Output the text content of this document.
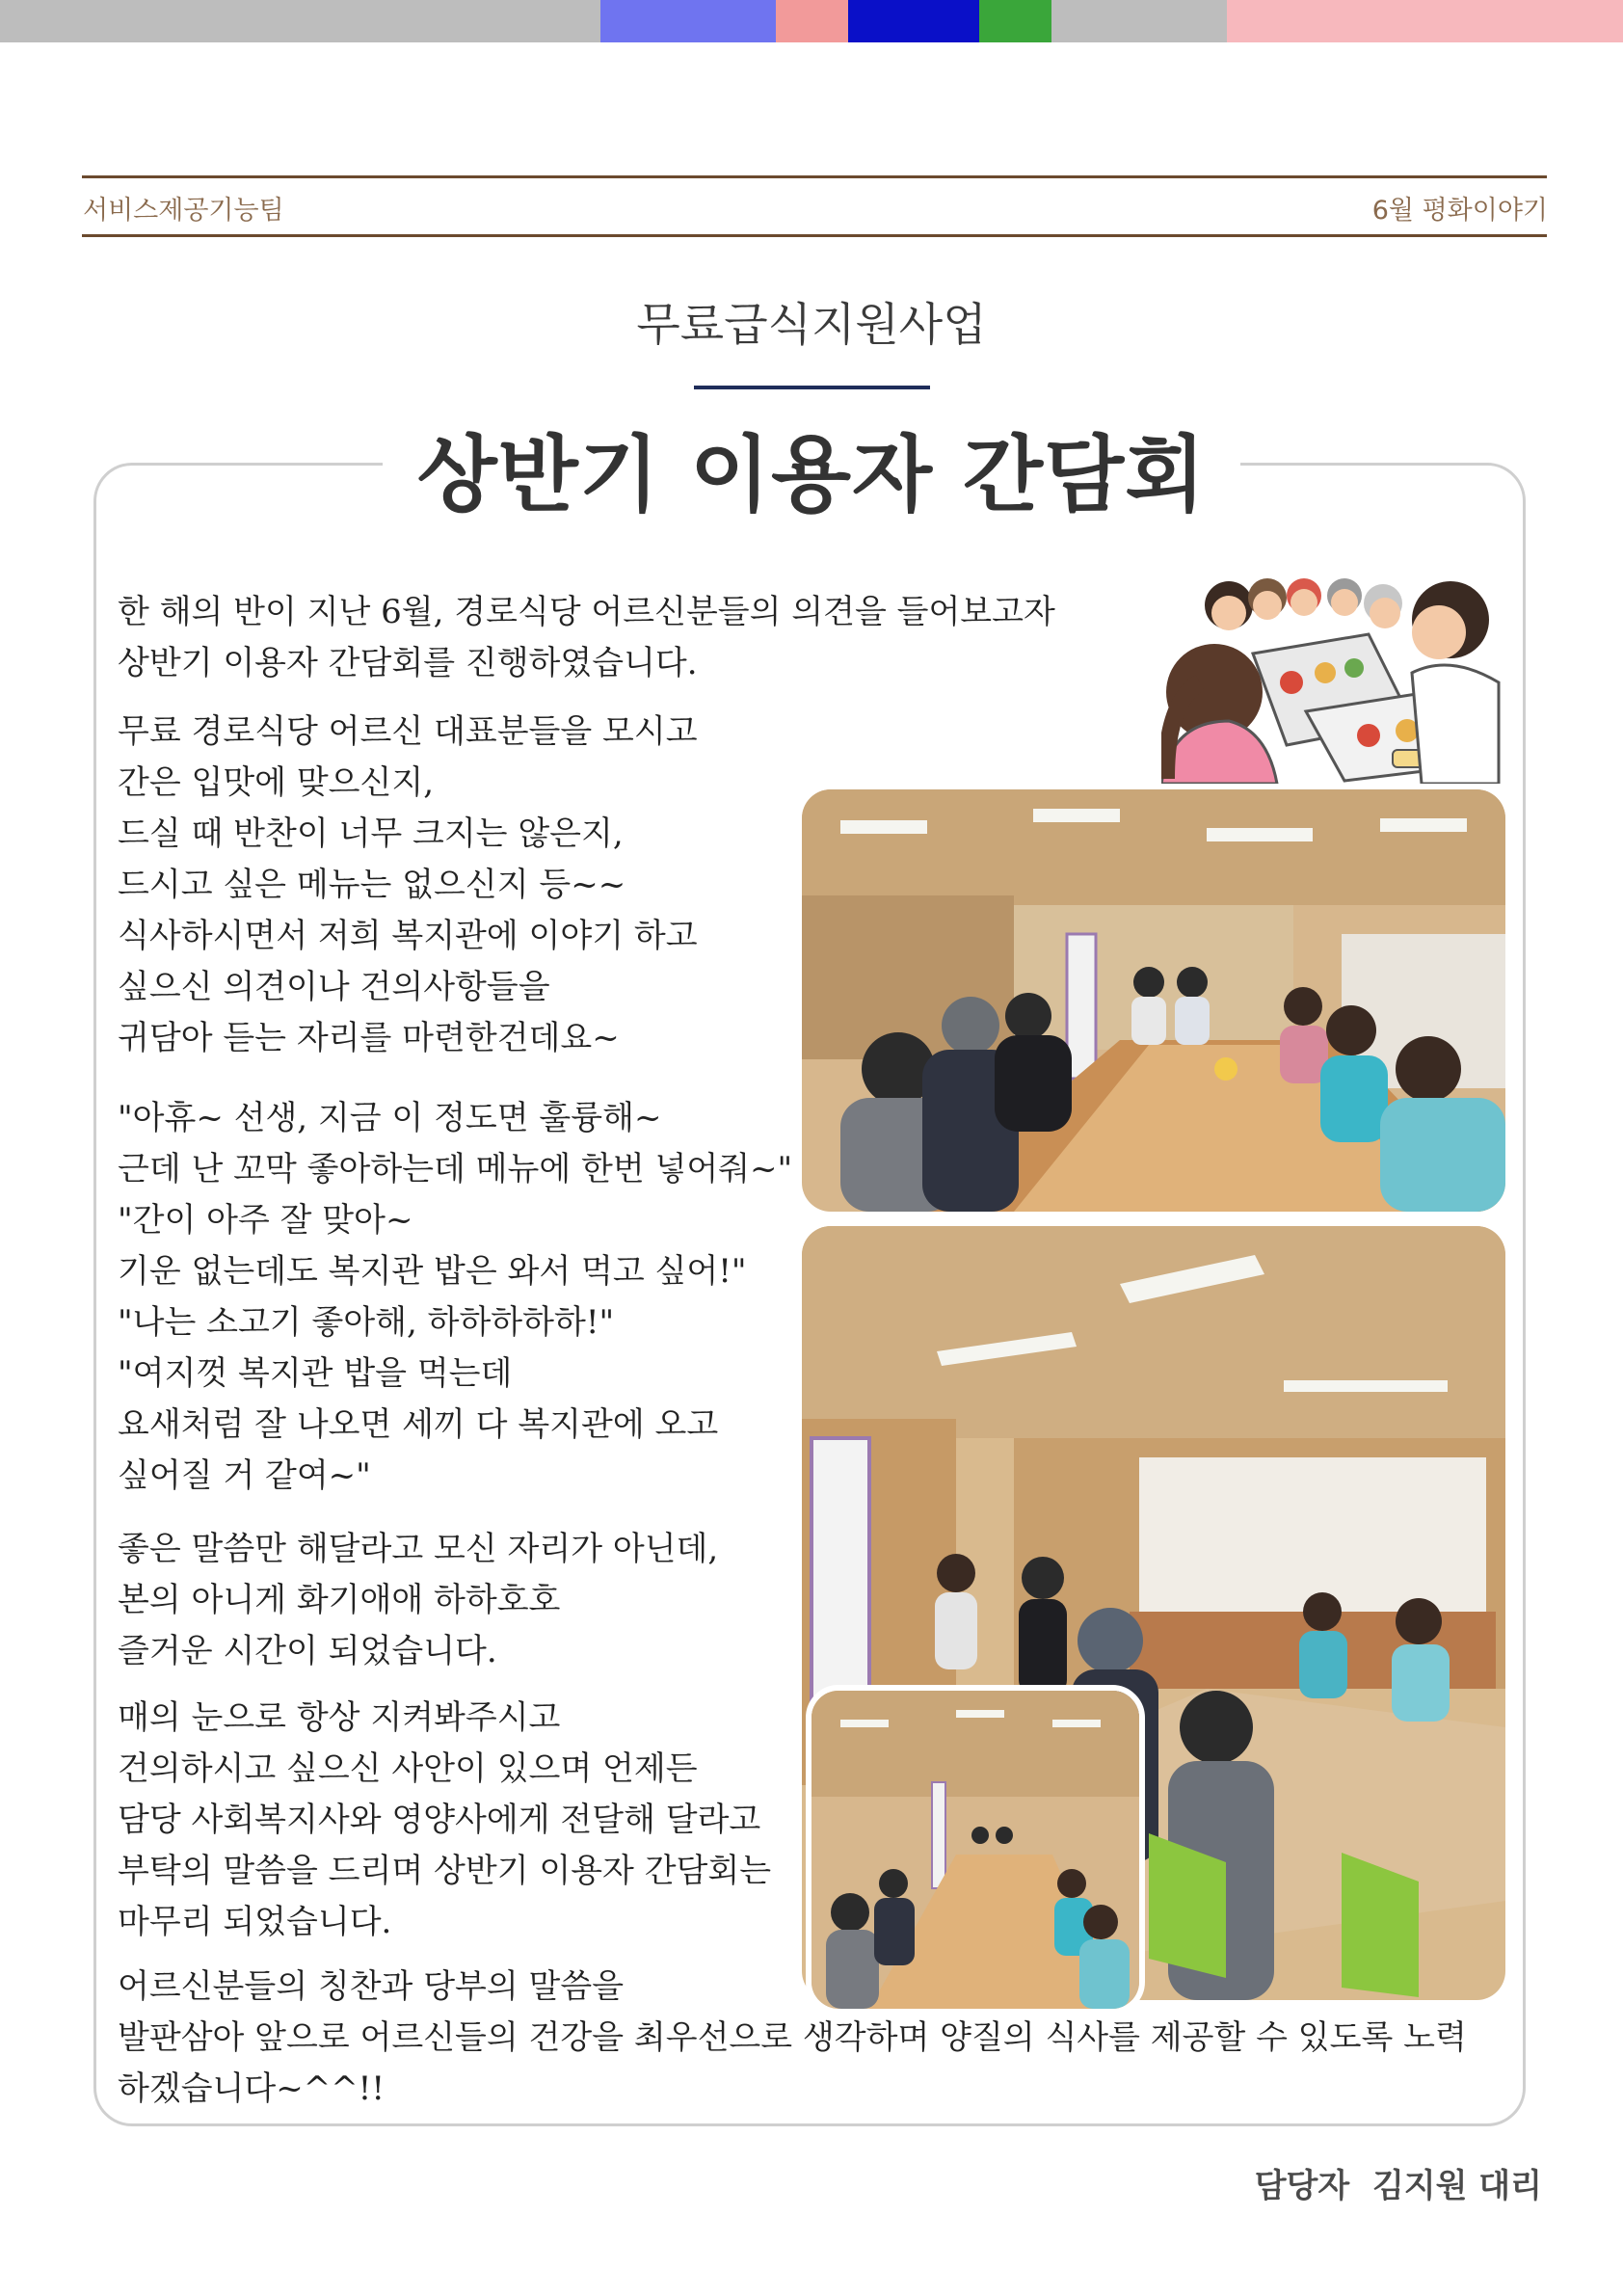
서비스제공기능팀	6월 평화이야기
무료급식지원사업
상반기 이용자 간담회

한 해의 반이 지난 6월, 경로식당 어르신분들의 의견을 들어보고자
상반기 이용자 간담회를 진행하였습니다.

무료 경로식당 어르신 대표분들을 모시고
간은 입맛에 맞으신지,
드실 때 반찬이 너무 크지는 않은지,
드시고 싶은 메뉴는 없으신지 등~~
식사하시면서 저희 복지관에 이야기 하고
싶으신 의견이나 건의사항들을
귀담아 듣는 자리를 마련한건데요~

"아휴~ 선생, 지금 이 정도면 훌륭해~
근데 난 꼬막 좋아하는데 메뉴에 한번 넣어줘~"
"간이 아주 잘 맞아~
기운 없는데도 복지관 밥은 와서 먹고 싶어!"
"나는 소고기 좋아해, 하하하하하!"
"여지껏 복지관 밥을 먹는데
요새처럼 잘 나오면 세끼 다 복지관에 오고
싶어질 거 같여~"

좋은 말씀만 해달라고 모신 자리가 아닌데,
본의 아니게 화기애애 하하호호
즐거운 시간이 되었습니다.

매의 눈으로 항상 지켜봐주시고
건의하시고 싶으신 사안이 있으며 언제든
담당 사회복지사와 영양사에게 전달해 달라고
부탁의 말씀을 드리며 상반기 이용자 간담회는
마무리 되었습니다.

어르신분들의 칭찬과 당부의 말씀을
발판삼아 앞으로 어르신들의 건강을 최우선으로 생각하며 양질의 식사를 제공할 수 있도록 노력
하겠습니다~^^!!

담당자 김지원 대리
